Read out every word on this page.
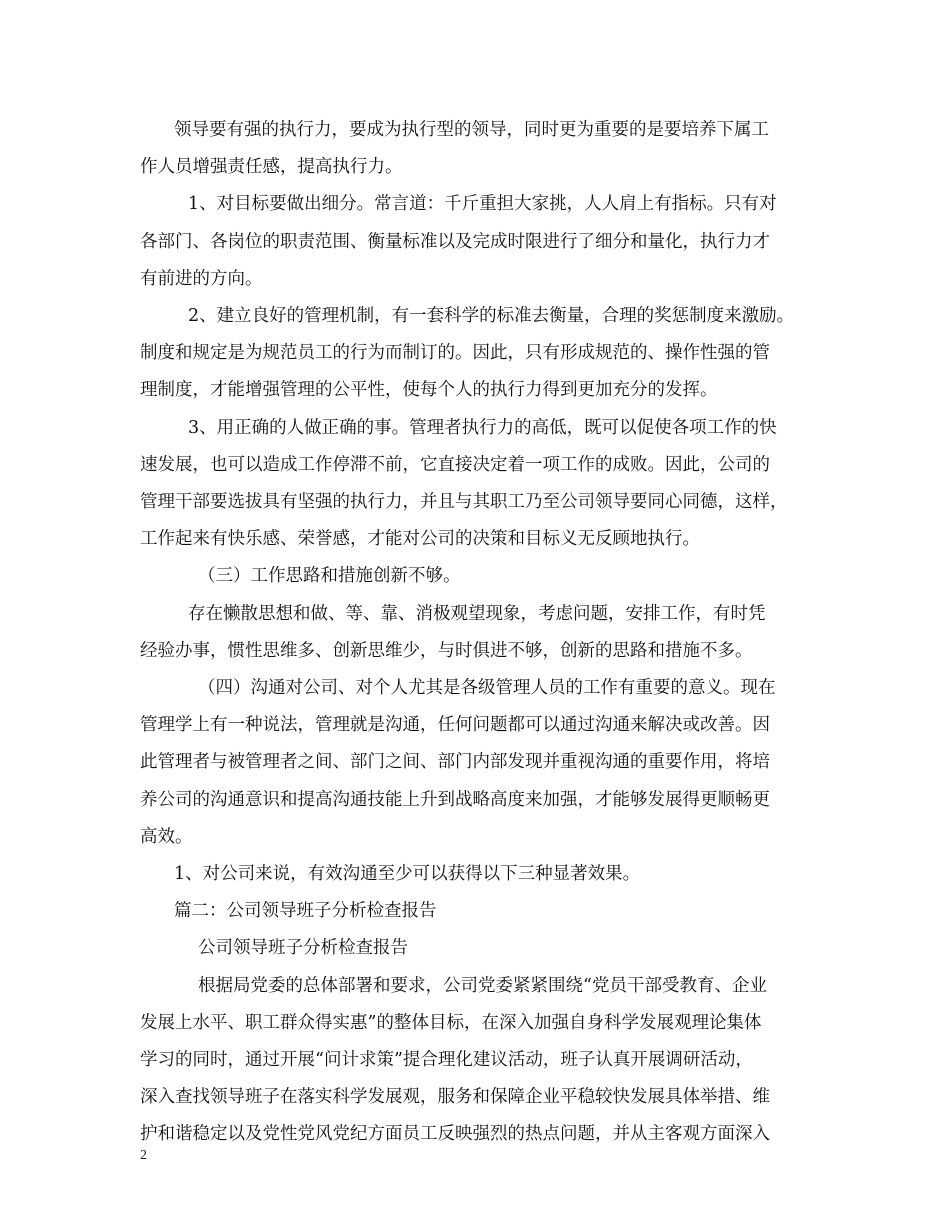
领导要有强的执行力，要成为执行型的领导，同时更为重要的是要培养下属工

作人员增强责任感，提高执行力。

1、对目标要做出细分。常言道：千斤重担大家挑，人人肩上有指标。只有对

各部门、各岗位的职责范围、衡量标准以及完成时限进行了细分和量化，执行力才

有前进的方向。

2、建立良好的管理机制，有一套科学的标准去衡量，合理的奖惩制度来激励。

制度和规定是为规范员工的行为而制订的。因此，只有形成规范的、操作性强的管

理制度，才能增强管理的公平性，使每个人的执行力得到更加充分的发挥。

3、用正确的人做正确的事。管理者执行力的高低，既可以促使各项工作的快

速发展，也可以造成工作停滞不前，它直接决定着一项工作的成败。因此，公司的

管理干部要选拔具有坚强的执行力，并且与其职工乃至公司领导要同心同德，这样，

工作起来有快乐感、荣誉感，才能对公司的决策和目标义无反顾地执行。

（三）工作思路和措施创新不够。

存在懒散思想和做、等、靠、消极观望现象，考虑问题，安排工作，有时凭

经验办事，惯性思维多、创新思维少，与时俱进不够，创新的思路和措施不多。

（四）沟通对公司、对个人尤其是各级管理人员的工作有重要的意义。现在

管理学上有一种说法，管理就是沟通，任何问题都可以通过沟通来解决或改善。因

此管理者与被管理者之间、部门之间、部门内部发现并重视沟通的重要作用，将培

养公司的沟通意识和提高沟通技能上升到战略高度来加强，才能够发展得更顺畅更

高效。

1、对公司来说，有效沟通至少可以获得以下三种显著效果。

篇二：公司领导班子分析检查报告

公司领导班子分析检查报告

根据局党委的总体部署和要求，公司党委紧紧围绕“党员干部受教育、企业

发展上水平、职工群众得实惠”的整体目标，在深入加强自身科学发展观理论集体

学习的同时，通过开展“问计求策”提合理化建议活动，班子认真开展调研活动，

深入查找领导班子在落实科学发展观，服务和保障企业平稳较快发展具体举措、维

护和谐稳定以及党性党风党纪方面员工反映强烈的热点问题，并从主客观方面深入

2
